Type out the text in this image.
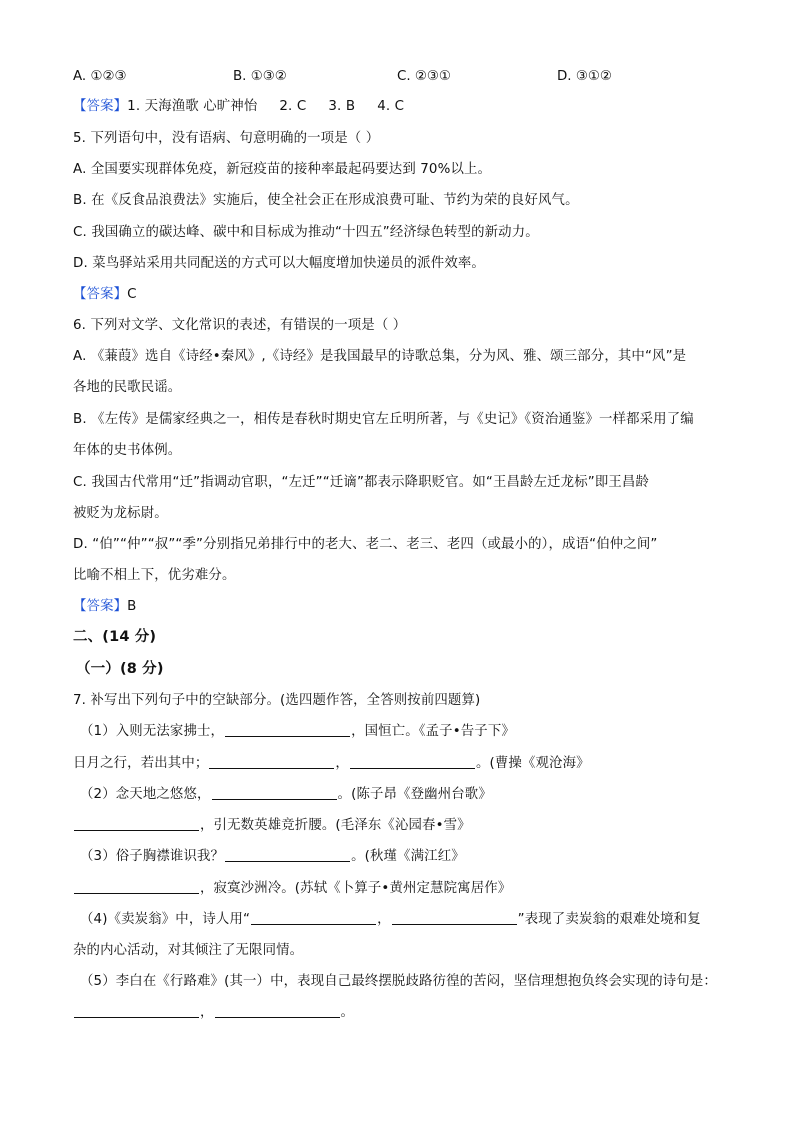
A. ①②③	B. ①③②	C. ②③①	D. ③①②
【答案】1. 天海渔歌 心旷神怡 2. C 3. B 4. C
5. 下列语句中，没有语病、句意明确的一项是（ ）
A. 全国要实现群体免疫，新冠疫苗的接种率最起码要达到 70%以上。
B. 在《反食品浪费法》实施后，使全社会正在形成浪费可耻、节约为荣的良好风气。
C. 我国确立的碳达峰、碳中和目标成为推动“十四五”经济绿色转型的新动力。
D. 菜鸟驿站采用共同配送的方式可以大幅度增加快递员的派件效率。
【答案】C
6. 下列对文学、文化常识的表述，有错误的一项是（ ）
A. 《蒹葭》选自《诗经•秦风》,《诗经》是我国最早的诗歌总集，分为风、雅、颂三部分，其中“风”是
各地的民歌民谣。
B. 《左传》是儒家经典之一，相传是春秋时期史官左丘明所著，与《史记》《资治通鉴》一样都采用了编
年体的史书体例。
C. 我国古代常用“迁”指调动官职，“左迁”“迁谪”都表示降职贬官。如“王昌龄左迁龙标”即王昌龄
被贬为龙标尉。
D. “伯”“仲”“叔”“季”分别指兄弟排行中的老大、老二、老三、老四（或最小的），成语“伯仲之间”
比喻不相上下，优劣难分。
【答案】B
二、(14 分)
（一）(8 分)
7. 补写出下列句子中的空缺部分。(选四题作答，全答则按前四题算)
（1）入则无法家拂士，	，国恒亡。《孟子•告子下》
日月之行，若出其中；	，	。(曹操《观沧海》
（2）念天地之悠悠，	。(陈子昂《登幽州台歌》
，引无数英雄竞折腰。(毛泽东《沁园春•雪》
（3）俗子胸襟谁识我？	。(秋瑾《满江红》
，寂寞沙洲冷。(苏轼《卜算子•黄州定慧院寓居作》
（4)《卖炭翁》中，诗人用“	，	”表现了卖炭翁的艰难处境和复
杂的内心活动，对其倾注了无限同情。
（5）李白在《行路难》(其一）中，表现自己最终摆脱歧路彷徨的苦闷，坚信理想抱负终会实现的诗句是：
，	。
